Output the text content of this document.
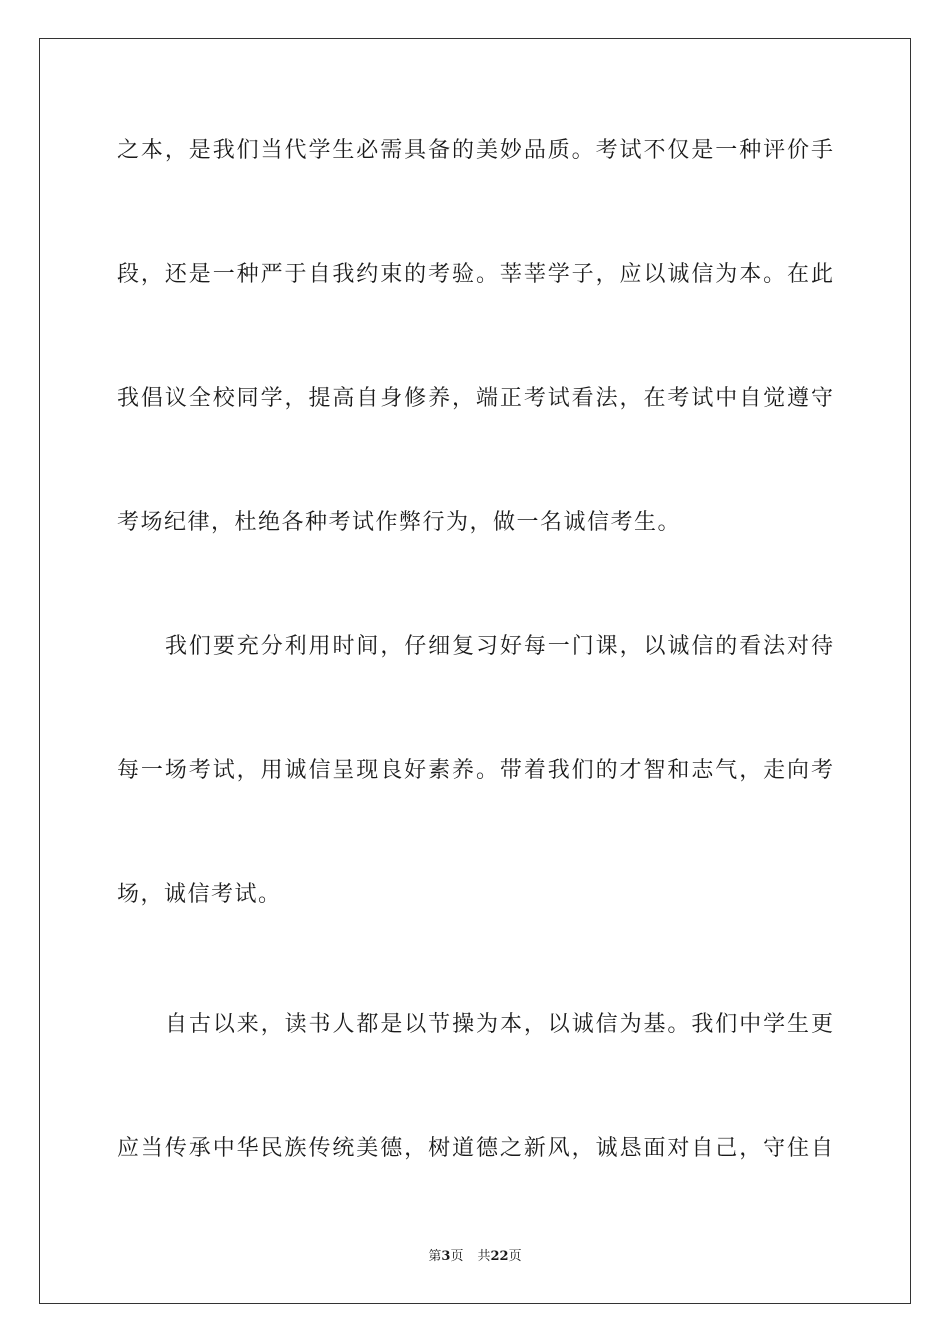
之本，是我们当代学生必需具备的美妙品质。考试不仅是一种评价手
段，还是一种严于自我约束的考验。莘莘学子，应以诚信为本。在此
我倡议全校同学，提高自身修养，端正考试看法，在考试中自觉遵守
考场纪律，杜绝各种考试作弊行为，做一名诚信考生。
我们要充分利用时间，仔细复习好每一门课，以诚信的看法对待
每一场考试，用诚信呈现良好素养。带着我们的才智和志气，走向考
场，诚信考试。
自古以来，读书人都是以节操为本，以诚信为基。我们中学生更
应当传承中华民族传统美德，树道德之新风，诚恳面对自己，守住自
第3页 共22页
